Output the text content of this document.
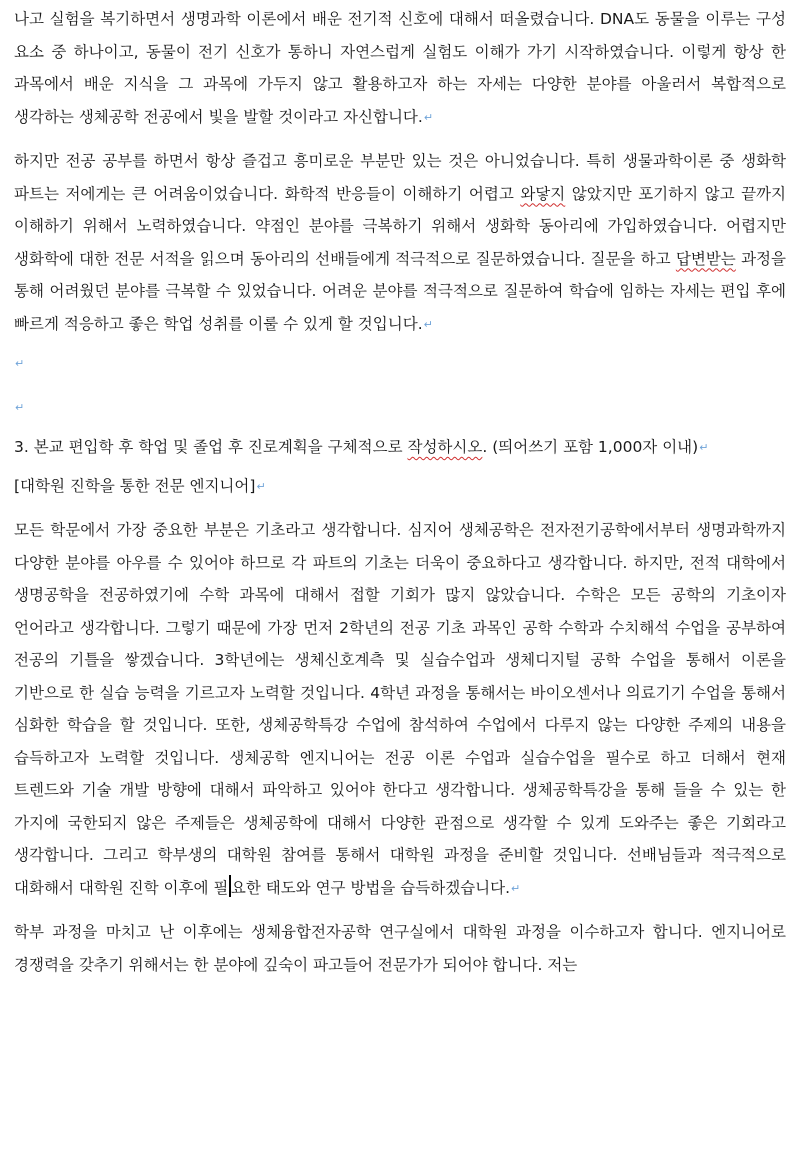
나고 실험을 복기하면서 생명과학 이론에서 배운 전기적 신호에 대해서 떠올렸습니다. DNA도 동물을 이루는 구성 요소 중 하나이고, 동물이 전기 신호가 통하니 자연스럽게 실험도 이해가 가기 시작하였습니다. 이렇게 항상 한 과목에서 배운 지식을 그 과목에 가두지 않고 활용하고자 하는 자세는 다양한 분야를 아울러서 복합적으로 생각하는 생체공학 전공에서 빛을 발할 것이라고 자신합니다.↵

하지만 전공 공부를 하면서 항상 즐겁고 흥미로운 부분만 있는 것은 아니었습니다. 특히 생물과학이론 중 생화학 파트는 저에게는 큰 어려움이었습니다. 화학적 반응들이 이해하기 어렵고 와닿지 않았지만 포기하지 않고 끝까지 이해하기 위해서 노력하였습니다. 약점인 분야를 극복하기 위해서 생화학 동아리에 가입하였습니다. 어렵지만 생화학에 대한 전문 서적을 읽으며 동아리의 선배들에게 적극적으로 질문하였습니다. 질문을 하고 답변받는 과정을 통해 어려웠던 분야를 극복할 수 있었습니다. 어려운 분야를 적극적으로 질문하여 학습에 임하는 자세는 편입 후에 빠르게 적응하고 좋은 학업 성취를 이룰 수 있게 할 것입니다.↵

↵
↵

3. 본교 편입학 후 학업 및 졸업 후 진로계획을 구체적으로 작성하시오. (띄어쓰기 포함 1,000자 이내)↵

[대학원 진학을 통한 전문 엔지니어]↵

모든 학문에서 가장 중요한 부분은 기초라고 생각합니다. 심지어 생체공학은 전자전기공학에서부터 생명과학까지 다양한 분야를 아우를 수 있어야 하므로 각 파트의 기초는 더욱이 중요하다고 생각합니다. 하지만, 전적 대학에서 생명공학을 전공하였기에 수학 과목에 대해서 접할 기회가 많지 않았습니다. 수학은 모든 공학의 기초이자 언어라고 생각합니다. 그렇기 때문에 가장 먼저 2학년의 전공 기초 과목인 공학 수학과 수치해석 수업을 공부하여 전공의 기틀을 쌓겠습니다. 3학년에는 생체신호계측 및 실습수업과 생체디지털 공학 수업을 통해서 이론을 기반으로 한 실습 능력을 기르고자 노력할 것입니다. 4학년 과정을 통해서는 바이오센서나 의료기기 수업을 통해서 심화한 학습을 할 것입니다. 또한, 생체공학특강 수업에 참석하여 수업에서 다루지 않는 다양한 주제의 내용을 습득하고자 노력할 것입니다. 생체공학 엔지니어는 전공 이론 수업과 실습수업을 필수로 하고 더해서 현재 트렌드와 기술 개발 방향에 대해서 파악하고 있어야 한다고 생각합니다. 생체공학특강을 통해 들을 수 있는 한 가지에 국한되지 않은 주제들은 생체공학에 대해서 다양한 관점으로 생각할 수 있게 도와주는 좋은 기회라고 생각합니다. 그리고 학부생의 대학원 참여를 통해서 대학원 과정을 준비할 것입니다. 선배님들과 적극적으로 대화해서 대학원 진학 이후에 필 요한 태도와 연구 방법을 습득하겠습니다.↵

학부 과정을 마치고 난 이후에는 생체융합전자공학 연구실에서 대학원 과정을 이수하고자 합니다. 엔지니어로 경쟁력을 갖추기 위해서는 한 분야에 깊숙이 파고들어 전문가가 되어야 합니다. 저는
